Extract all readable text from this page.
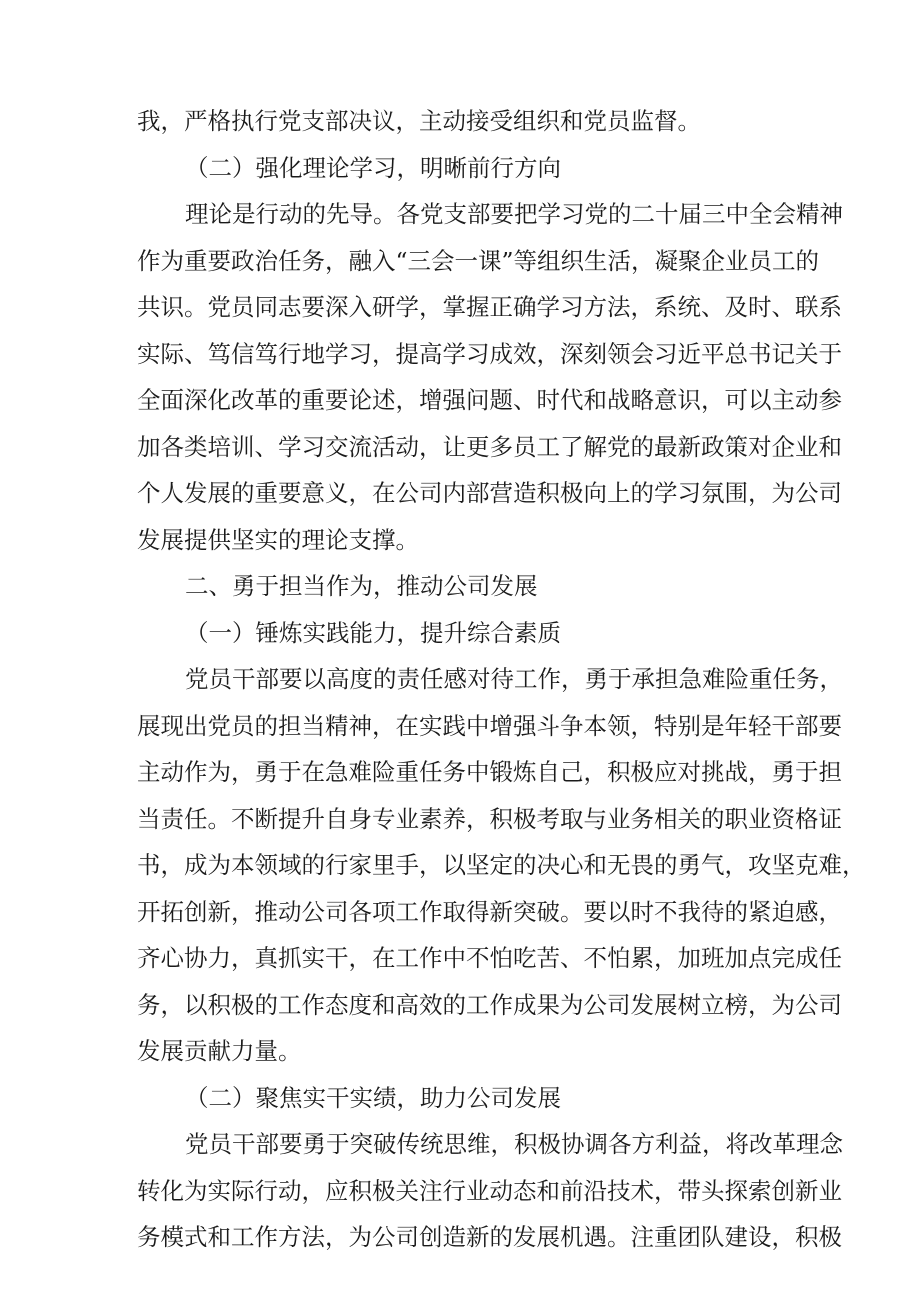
我，严格执行党支部决议，主动接受组织和党员监督。
（二）强化理论学习，明晰前行方向
理论是行动的先导。各党支部要把学习党的二十届三中全会精神
作为重要政治任务，融入“三会一课”等组织生活，凝聚企业员工的
共识。党员同志要深入研学，掌握正确学习方法，系统、及时、联系
实际、笃信笃行地学习，提高学习成效，深刻领会习近平总书记关于
全面深化改革的重要论述，增强问题、时代和战略意识，可以主动参
加各类培训、学习交流活动，让更多员工了解党的最新政策对企业和
个人发展的重要意义，在公司内部营造积极向上的学习氛围，为公司
发展提供坚实的理论支撑。
二、勇于担当作为，推动公司发展
（一）锤炼实践能力，提升综合素质
党员干部要以高度的责任感对待工作，勇于承担急难险重任务，
展现出党员的担当精神，在实践中增强斗争本领，特别是年轻干部要
主动作为，勇于在急难险重任务中锻炼自己，积极应对挑战，勇于担
当责任。不断提升自身专业素养，积极考取与业务相关的职业资格证
书，成为本领域的行家里手，以坚定的决心和无畏的勇气，攻坚克难，
开拓创新，推动公司各项工作取得新突破。要以时不我待的紧迫感，
齐心协力，真抓实干，在工作中不怕吃苦、不怕累，加班加点完成任
务，以积极的工作态度和高效的工作成果为公司发展树立榜，为公司
发展贡献力量。
（二）聚焦实干实绩，助力公司发展
党员干部要勇于突破传统思维，积极协调各方利益，将改革理念
转化为实际行动，应积极关注行业动态和前沿技术，带头探索创新业
务模式和工作方法，为公司创造新的发展机遇。注重团队建设，积极
